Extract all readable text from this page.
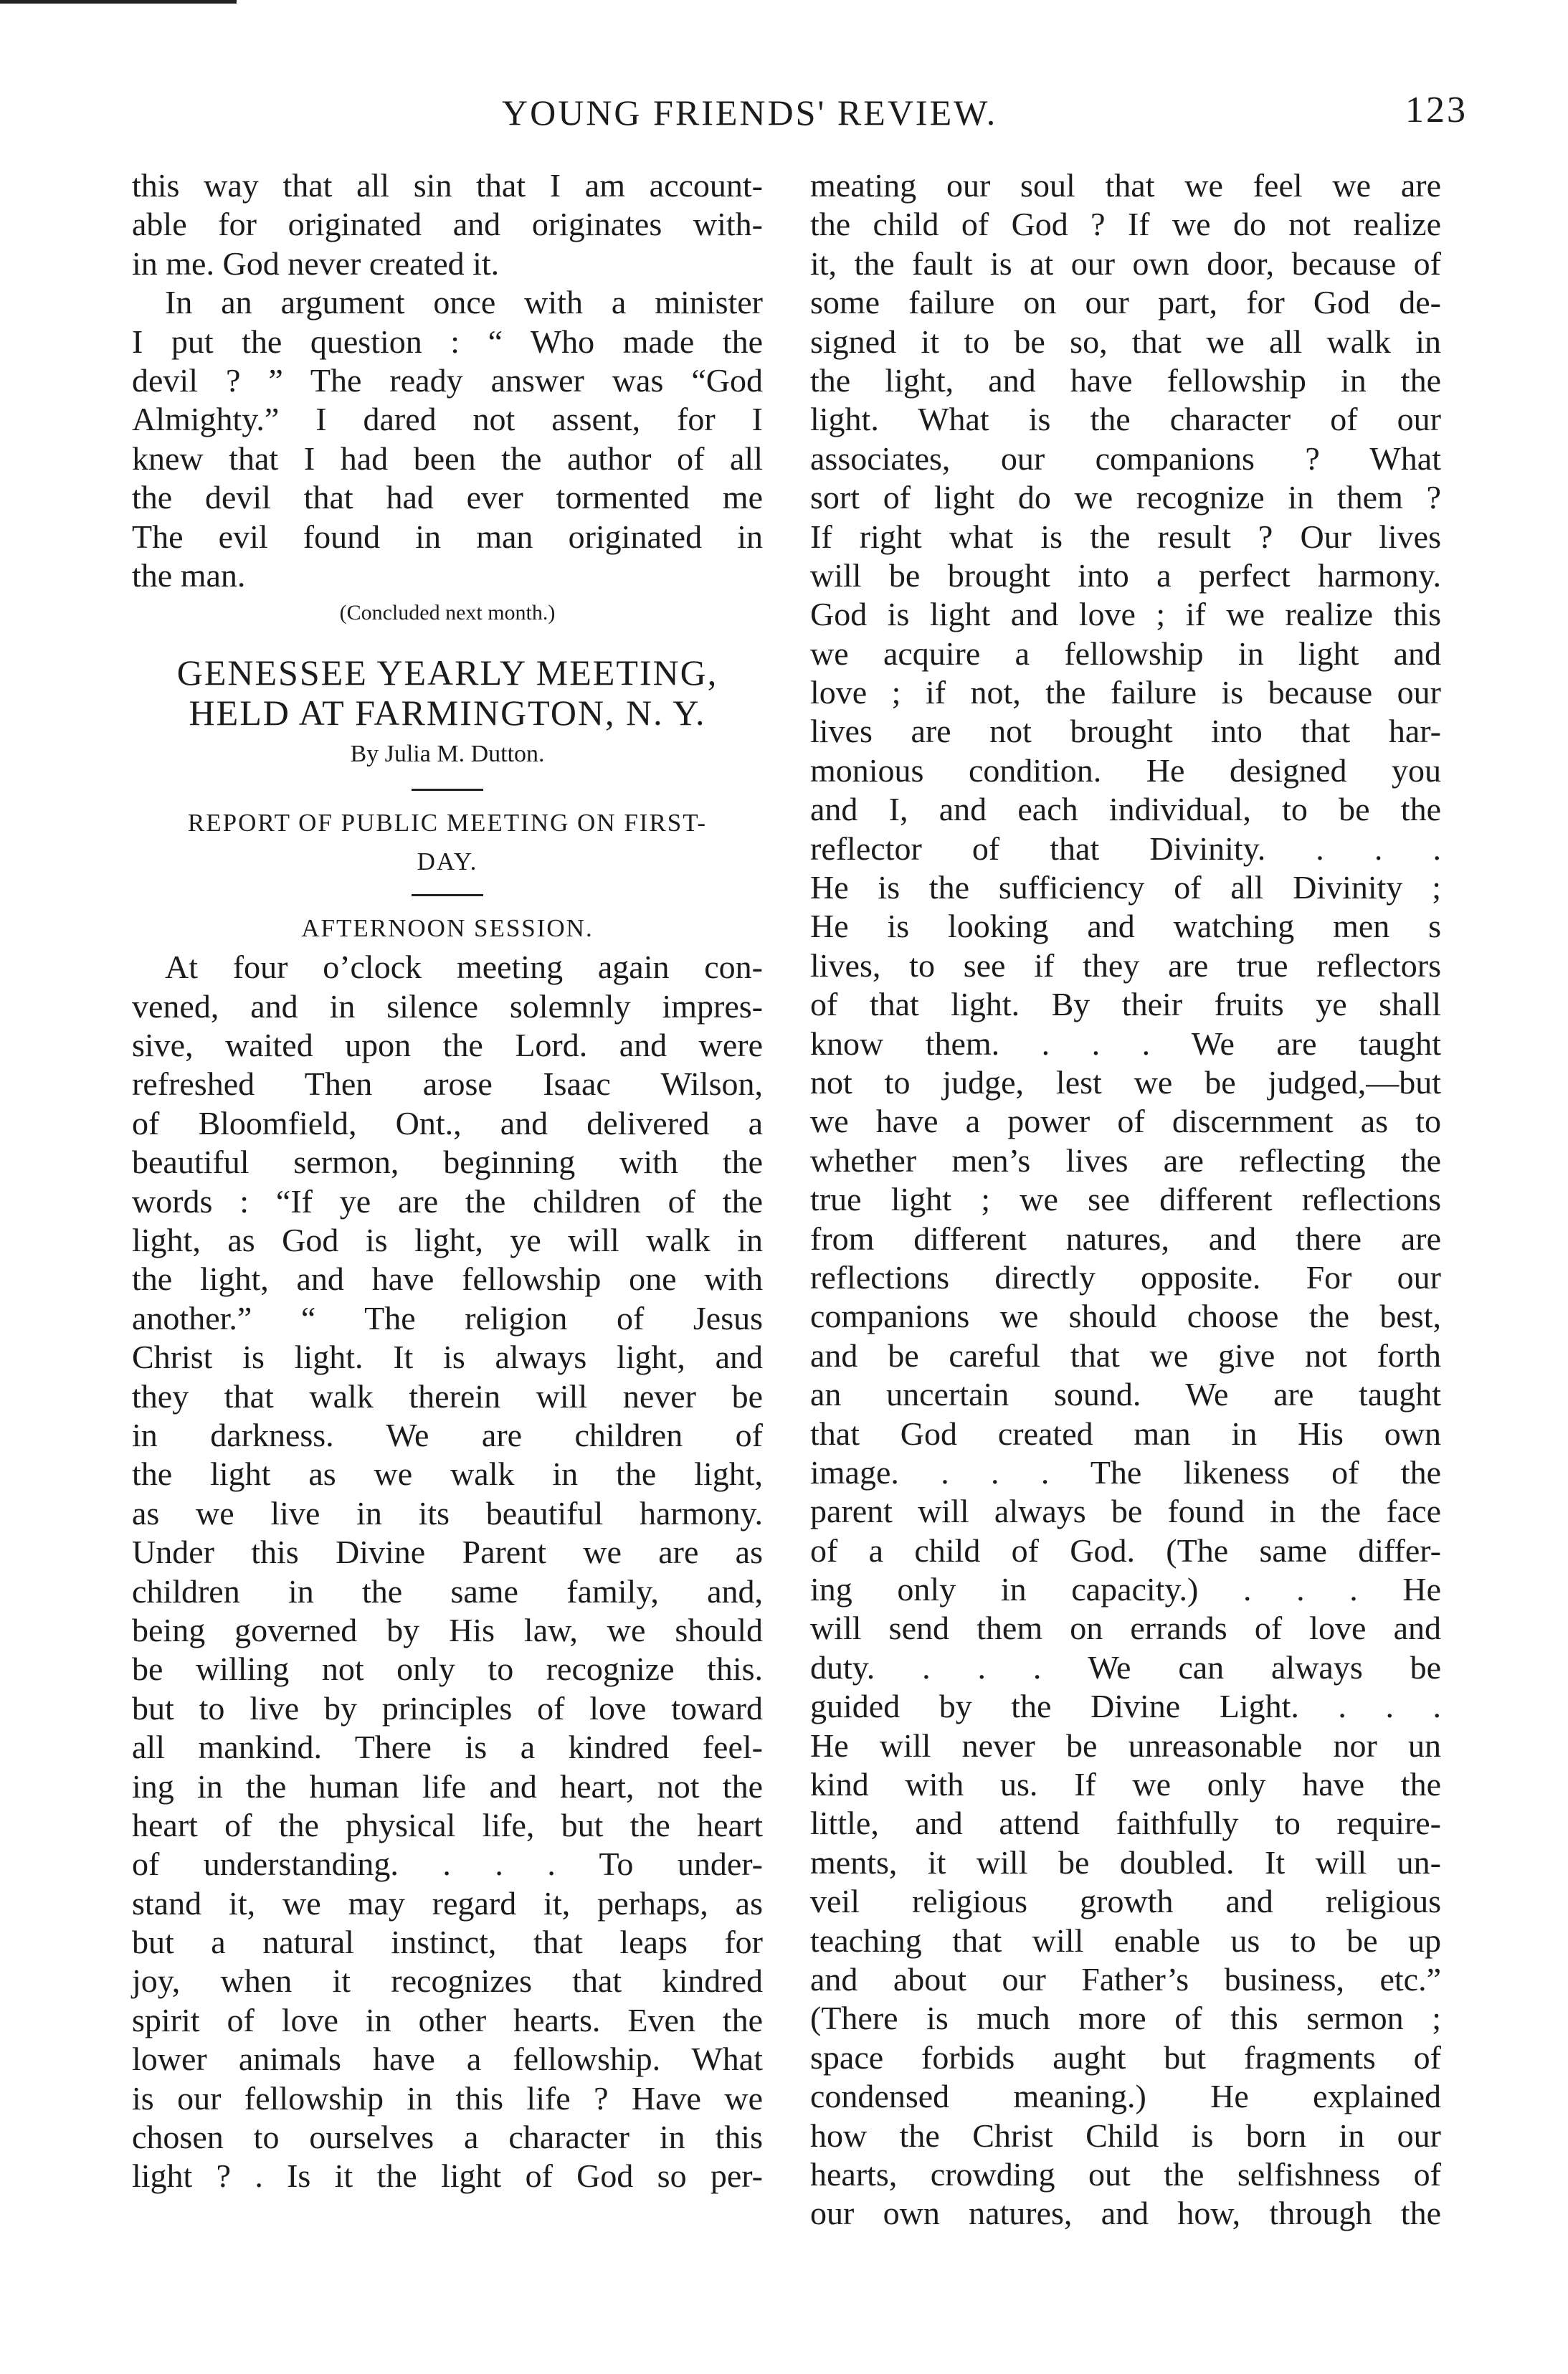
YOUNG FRIENDS' REVIEW.	123
this way that all sin that I am account-
able for originated and originates with-
in me. God never created it.
In an argument once with a minister
I put the question : “ Who made the
devil ? ” The ready answer was “God
Almighty.” I dared not assent, for I
knew that I had been the author of all
the devil that had ever tormented me
The evil found in man originated in
the man.
(Concluded next month.)
GENESSEE YEARLY MEETING,
HELD AT FARMINGTON, N. Y.
By Julia M. Dutton.
REPORT OF PUBLIC MEETING ON FIRST-
DAY.
AFTERNOON SESSION.
At four o’clock meeting again con-
vened, and in silence solemnly impres-
sive, waited upon the Lord. and were
refreshed Then arose Isaac Wilson,
of Bloomfield, Ont., and delivered a
beautiful sermon, beginning with the
words : “If ye are the children of the
light, as God is light, ye will walk in
the light, and have fellowship one with
another.” “ The religion of Jesus
Christ is light. It is always light, and
they that walk therein will never be
in darkness. We are children of
the light as we walk in the light,
as we live in its beautiful harmony.
Under this Divine Parent we are as
children in the same family, and,
being governed by His law, we should
be willing not only to recognize this.
but to live by principles of love toward
all mankind. There is a kindred feel-
ing in the human life and heart, not the
heart of the physical life, but the heart
of understanding. . . . To under-
stand it, we may regard it, perhaps, as
but a natural instinct, that leaps for
joy, when it recognizes that kindred
spirit of love in other hearts. Even the
lower animals have a fellowship. What
is our fellowship in this life ? Have we
chosen to ourselves a character in this
light ? . Is it the light of God so per-
meating our soul that we feel we are
the child of God ? If we do not realize
it, the fault is at our own door, because of
some failure on our part, for God de-
signed it to be so, that we all walk in
the light, and have fellowship in the
light. What is the character of our
associates, our companions ? What
sort of light do we recognize in them ?
If right what is the result ? Our lives
will be brought into a perfect harmony.
God is light and love ; if we realize this
we acquire a fellowship in light and
love ; if not, the failure is because our
lives are not brought into that har-
monious condition. He designed you
and I, and each individual, to be the
reflector of that Divinity. . . .
He is the sufficiency of all Divinity ;
He is looking and watching men s
lives, to see if they are true reflectors
of that light. By their fruits ye shall
know them. . . . We are taught
not to judge, lest we be judged,—but
we have a power of discernment as to
whether men’s lives are reflecting the
true light ; we see different reflections
from different natures, and there are
reflections directly opposite. For our
companions we should choose the best,
and be careful that we give not forth
an uncertain sound. We are taught
that God created man in His own
image. . . . The likeness of the
parent will always be found in the face
of a child of God. (The same differ-
ing only in capacity.) . . . He
will send them on errands of love and
duty. . . . We can always be
guided by the Divine Light. . . .
He will never be unreasonable nor un
kind with us. If we only have the
little, and attend faithfully to require-
ments, it will be doubled. It will un-
veil religious growth and religious
teaching that will enable us to be up
and about our Father’s business, etc.”
(There is much more of this sermon ;
space forbids aught but fragments of
condensed meaning.) He explained
how the Christ Child is born in our
hearts, crowding out the selfishness of
our own natures, and how, through the
